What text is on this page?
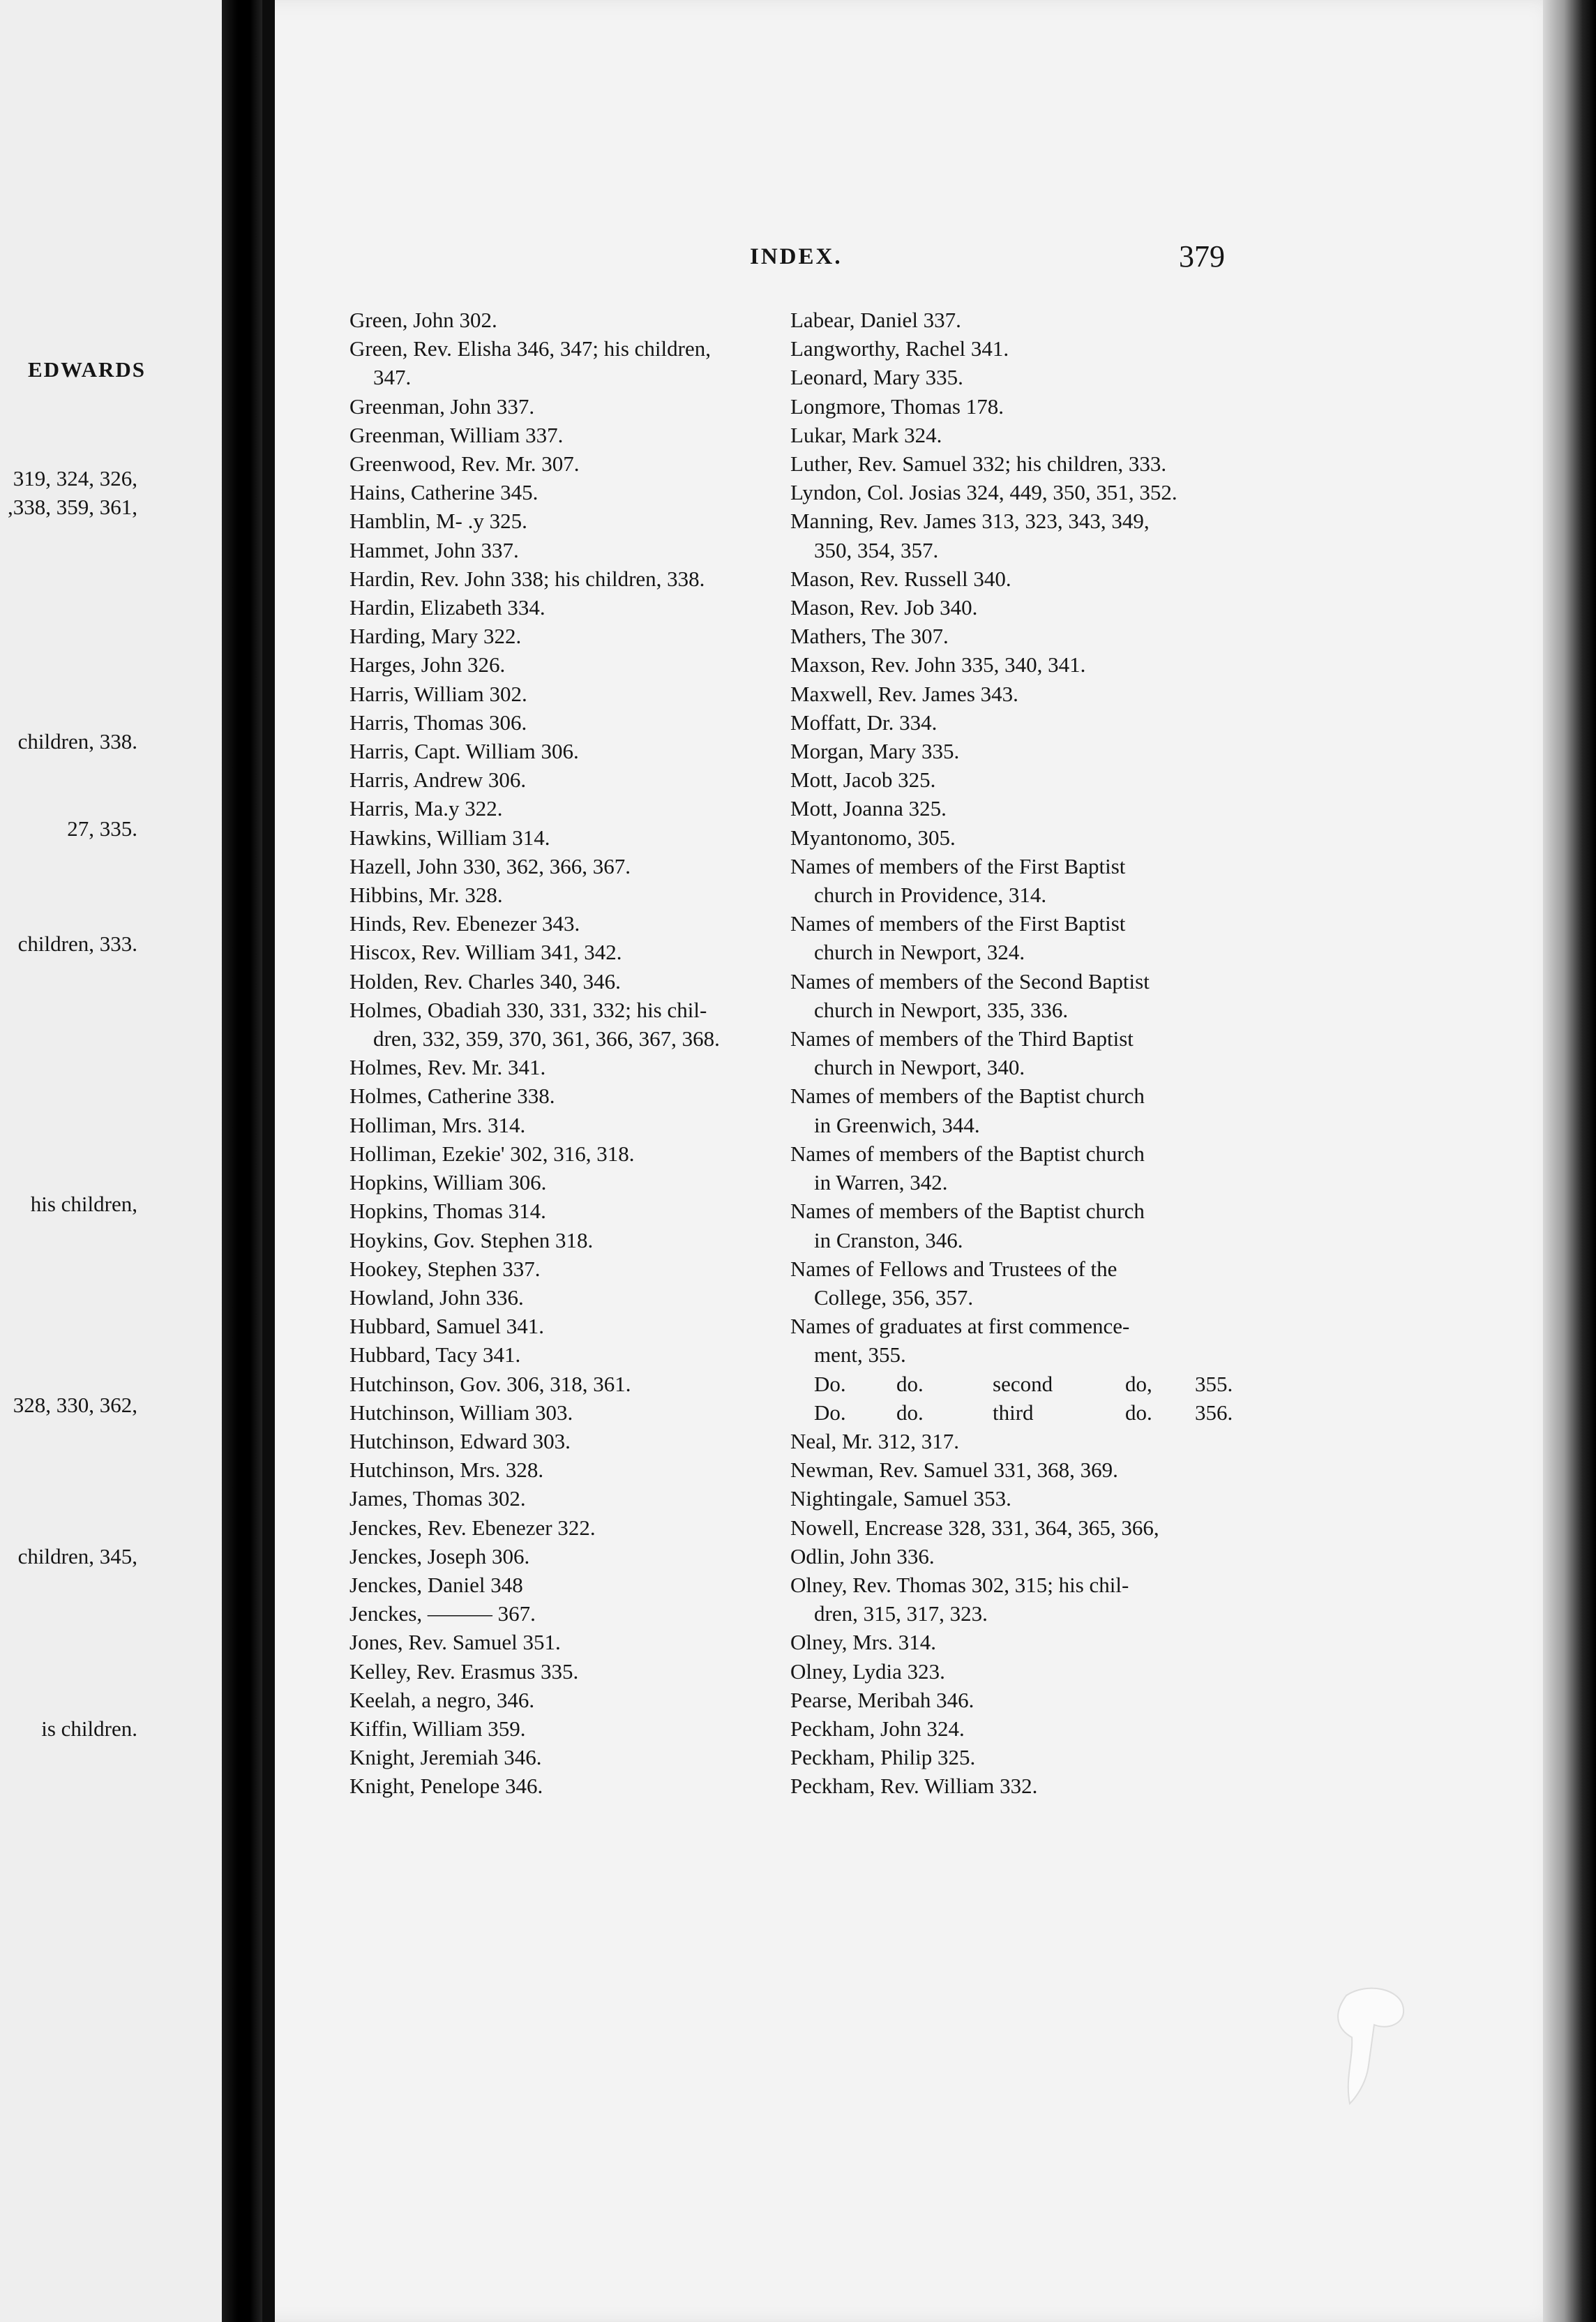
EDWARDS
319, 324, 326,
,338, 359, 361,
children, 338.
27, 335.
children, 333.
his children,
328, 330, 362,
children, 345,
is children.
INDEX.	379
Green, John 302.
Green, Rev. Elisha 346, 347; his children,
347.
Greenman, John 337.
Greenman, William 337.
Greenwood, Rev. Mr. 307.
Hains, Catherine 345.
Hamblin, M- .y 325.
Hammet, John 337.
Hardin, Rev. John 338; his children, 338.
Hardin, Elizabeth 334.
Harding, Mary 322.
Harges, John 326.
Harris, William 302.
Harris, Thomas 306.
Harris, Capt. William 306.
Harris, Andrew 306.
Harris, Ma.y 322.
Hawkins, William 314.
Hazell, John 330, 362, 366, 367.
Hibbins, Mr. 328.
Hinds, Rev. Ebenezer 343.
Hiscox, Rev. William 341, 342.
Holden, Rev. Charles 340, 346.
Holmes, Obadiah 330, 331, 332; his chil-
dren, 332, 359, 370, 361, 366, 367, 368.
Holmes, Rev. Mr. 341.
Holmes, Catherine 338.
Holliman, Mrs. 314.
Holliman, Ezekie' 302, 316, 318.
Hopkins, William 306.
Hopkins, Thomas 314.
Hoykins, Gov. Stephen 318.
Hookey, Stephen 337.
Howland, John 336.
Hubbard, Samuel 341.
Hubbard, Tacy 341.
Hutchinson, Gov. 306, 318, 361.
Hutchinson, William 303.
Hutchinson, Edward 303.
Hutchinson, Mrs. 328.
James, Thomas 302.
Jenckes, Rev. Ebenezer 322.
Jenckes, Joseph 306.
Jenckes, Daniel 348
Jenckes, ——— 367.
Jones, Rev. Samuel 351.
Kelley, Rev. Erasmus 335.
Keelah, a negro, 346.
Kiffin, William 359.
Knight, Jeremiah 346.
Knight, Penelope 346.
Labear, Daniel 337.
Langworthy, Rachel 341.
Leonard, Mary 335.
Longmore, Thomas 178.
Lukar, Mark 324.
Luther, Rev. Samuel 332; his children, 333.
Lyndon, Col. Josias 324, 449, 350, 351, 352.
Manning, Rev. James 313, 323, 343, 349,
350, 354, 357.
Mason, Rev. Russell 340.
Mason, Rev. Job 340.
Mathers, The 307.
Maxson, Rev. John 335, 340, 341.
Maxwell, Rev. James 343.
Moffatt, Dr. 334.
Morgan, Mary 335.
Mott, Jacob 325.
Mott, Joanna 325.
Myantonomo, 305.
Names of members of the First Baptist
church in Providence, 314.
Names of members of the First Baptist
church in Newport, 324.
Names of members of the Second Baptist
church in Newport, 335, 336.
Names of members of the Third Baptist
church in Newport, 340.
Names of members of the Baptist church
in Greenwich, 344.
Names of members of the Baptist church
in Warren, 342.
Names of members of the Baptist church
in Cranston, 346.
Names of Fellows and Trustees of the
College, 356, 357.
Names of graduates at first commence-
ment, 355.
Do.	do.	second	do,	355.
Do.	do.	third	do.	356.
Neal, Mr. 312, 317.
Newman, Rev. Samuel 331, 368, 369.
Nightingale, Samuel 353.
Nowell, Encrease 328, 331, 364, 365, 366,
Odlin, John 336.
Olney, Rev. Thomas 302, 315; his chil-
dren, 315, 317, 323.
Olney, Mrs. 314.
Olney, Lydia 323.
Pearse, Meribah 346.
Peckham, John 324.
Peckham, Philip 325.
Peckham, Rev. William 332.
